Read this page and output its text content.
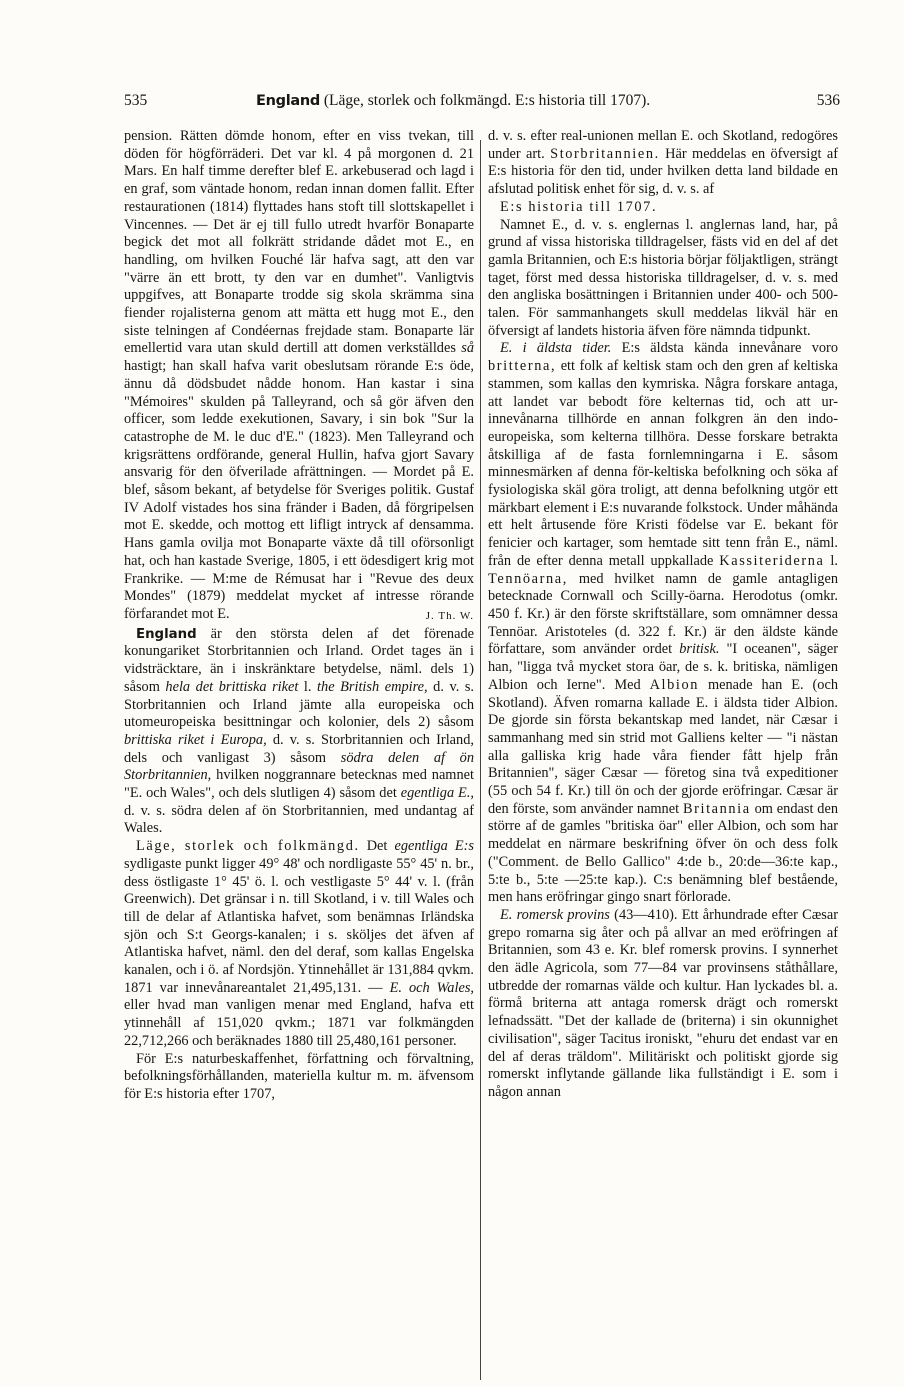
535	England (Läge, storlek och folkmängd. E:s historia till 1707).	536

pension. Rätten dömde honom, efter en viss tvekan, till döden för högförräderi. Det var kl. 4 på morgonen d. 21 Mars. En half timme derefter blef E. arkebuserad och lagd i en graf, som väntade honom, redan innan domen fallit. Efter restaurationen (1814) flyttades hans stoft till slottskapellet i Vincennes. — Det är ej till fullo utredt hvarför Bonaparte begick det mot all folkrätt stridande dådet mot E., en handling, om hvilken Fouché lär hafva sagt, att den var "värre än ett brott, ty den var en dumhet". Vanligtvis uppgifves, att Bonaparte trodde sig skola skrämma sina fiender rojalisterna genom att mätta ett hugg mot E., den siste telningen af Condéernas frejdade stam. Bonaparte lär emellertid vara utan skuld dertill att domen verkställdes så hastigt; han skall hafva varit obeslutsam rörande E:s öde, ännu då dödsbudet nådde honom. Han kastar i sina "Mémoires" skulden på Talleyrand, och så gör äfven den officer, som ledde exekutionen, Savary, i sin bok "Sur la catastrophe de M. le duc d'E." (1823). Men Talleyrand och krigsrättens ordförande, general Hullin, hafva gjort Savary ansvarig för den öfverilade afrättningen. — Mordet på E. blef, såsom bekant, af betydelse för Sveriges politik. Gustaf IV Adolf vistades hos sina fränder i Baden, då förgripelsen mot E. skedde, och mottog ett lifligt intryck af densamma. Hans gamla ovilja mot Bonaparte växte då till oförsonligt hat, och han kastade Sverige, 1805, i ett ödesdigert krig mot Frankrike. — M:me de Rémusat har i "Revue des deux Mondes" (1879) meddelat mycket af intresse rörande förfarandet mot E.	J. Th. W.

England är den största delen af det förenade konungariket Storbritannien och Irland. Ordet tages än i vidsträcktare, än i inskränktare betydelse, näml. dels 1) såsom hela det brittiska riket l. the British empire, d. v. s. Storbritannien och Irland jämte alla europeiska och utomeuropeiska besittningar och kolonier, dels 2) såsom brittiska riket i Europa, d. v. s. Storbritannien och Irland, dels och vanligast 3) såsom södra delen af ön Storbritannien, hvilken noggrannare betecknas med namnet "E. och Wales", och dels slutligen 4) såsom det egentliga E., d. v. s. södra delen af ön Storbritannien, med undantag af Wales.

Läge, storlek och folkmängd. Det egentliga E:s sydligaste punkt ligger 49° 48' och nordligaste 55° 45' n. br., dess östligaste 1° 45' ö. l. och vestligaste 5° 44' v. l. (från Greenwich). Det gränsar i n. till Skotland, i v. till Wales och till de delar af Atlantiska hafvet, som benämnas Irländska sjön och S:t Georgs-kanalen; i s. sköljes det äfven af Atlantiska hafvet, näml. den del deraf, som kallas Engelska kanalen, och i ö. af Nordsjön. Ytinnehållet är 131,884 qvkm. 1871 var innevånareantalet 21,495,131. — E. och Wales, eller hvad man vanligen menar med England, hafva ett ytinnehåll af 151,020 qvkm.; 1871 var folkmängden 22,712,266 och beräknades 1880 till 25,480,161 personer.

För E:s naturbeskaffenhet, författning och förvaltning, befolkningsförhållanden, materiella kultur m. m. äfvensom för E:s historia efter 1707,

d. v. s. efter real-unionen mellan E. och Skotland, redogöres under art. Storbritannien. Här meddelas en öfversigt af E:s historia för den tid, under hvilken detta land bildade en afslutad politisk enhet för sig, d. v. s. af

E:s historia till 1707.

Namnet E., d. v. s. englernas l. anglernas land, har, på grund af vissa historiska tilldragelser, fästs vid en del af det gamla Britannien, och E:s historia börjar följaktligen, strängt taget, först med dessa historiska tilldragelser, d. v. s. med den angliska bosättningen i Britannien under 400- och 500-talen. För sammanhangets skull meddelas likväl här en öfversigt af landets historia äfven före nämnda tidpunkt.

E. i äldsta tider. E:s äldsta kända innevånare voro britterna, ett folk af keltisk stam och den gren af keltiska stammen, som kallas den kymriska. Några forskare antaga, att landet var bebodt före kelternas tid, och att ur-innevånarna tillhörde en annan folkgren än den indo-europeiska, som kelterna tillhöra. Desse forskare betrakta åtskilliga af de fasta fornlemningarna i E. såsom minnesmärken af denna för-keltiska befolkning och söka af fysiologiska skäl göra troligt, att denna befolkning utgör ett märkbart element i E:s nuvarande folkstock. Under måhända ett helt årtusende före Kristi födelse var E. bekant för fenicier och kartager, som hemtade sitt tenn från E., näml. från de efter denna metall uppkallade Kassiteriderna l. Tennöarna, med hvilket namn de gamle antagligen betecknade Cornwall och Scilly-öarna. Herodotus (omkr. 450 f. Kr.) är den förste skriftställare, som omnämner dessa Tennöar. Aristoteles (d. 322 f. Kr.) är den äldste kände författare, som använder ordet britisk. "I oceanen", säger han, "ligga två mycket stora öar, de s. k. britiska, nämligen Albion och Ierne". Med Albion menade han E. (och Skotland). Äfven romarna kallade E. i äldsta tider Albion. De gjorde sin första bekantskap med landet, när Cæsar i sammanhang med sin strid mot Galliens kelter — "i nästan alla galliska krig hade våra fiender fått hjelp från Britannien", säger Cæsar — företog sina två expeditioner (55 och 54 f. Kr.) till ön och der gjorde eröfringar. Cæsar är den förste, som använder namnet Britannia om endast den större af de gamles "britiska öar" eller Albion, och som har meddelat en närmare beskrifning öfver ön och dess folk ("Comment. de Bello Gallico" 4:de b., 20:de—36:te kap., 5:te b., 5:te —25:te kap.). C:s benämning blef bestående, men hans eröfringar gingo snart förlorade.

E. romersk provins (43—410). Ett århundrade efter Cæsar grepo romarna sig åter och på allvar an med eröfringen af Britannien, som 43 e. Kr. blef romersk provins. I synnerhet den ädle Agricola, som 77—84 var provinsens ståthållare, utbredde der romarnas välde och kultur. Han lyckades bl. a. förmå briterna att antaga romersk drägt och romerskt lefnadssätt. "Det der kallade de (briterna) i sin okunnighet civilisation", säger Tacitus ironiskt, "ehuru det endast var en del af deras träldom". Militäriskt och politiskt gjorde sig romerskt inflytande gällande lika fullständigt i E. som i någon annan
